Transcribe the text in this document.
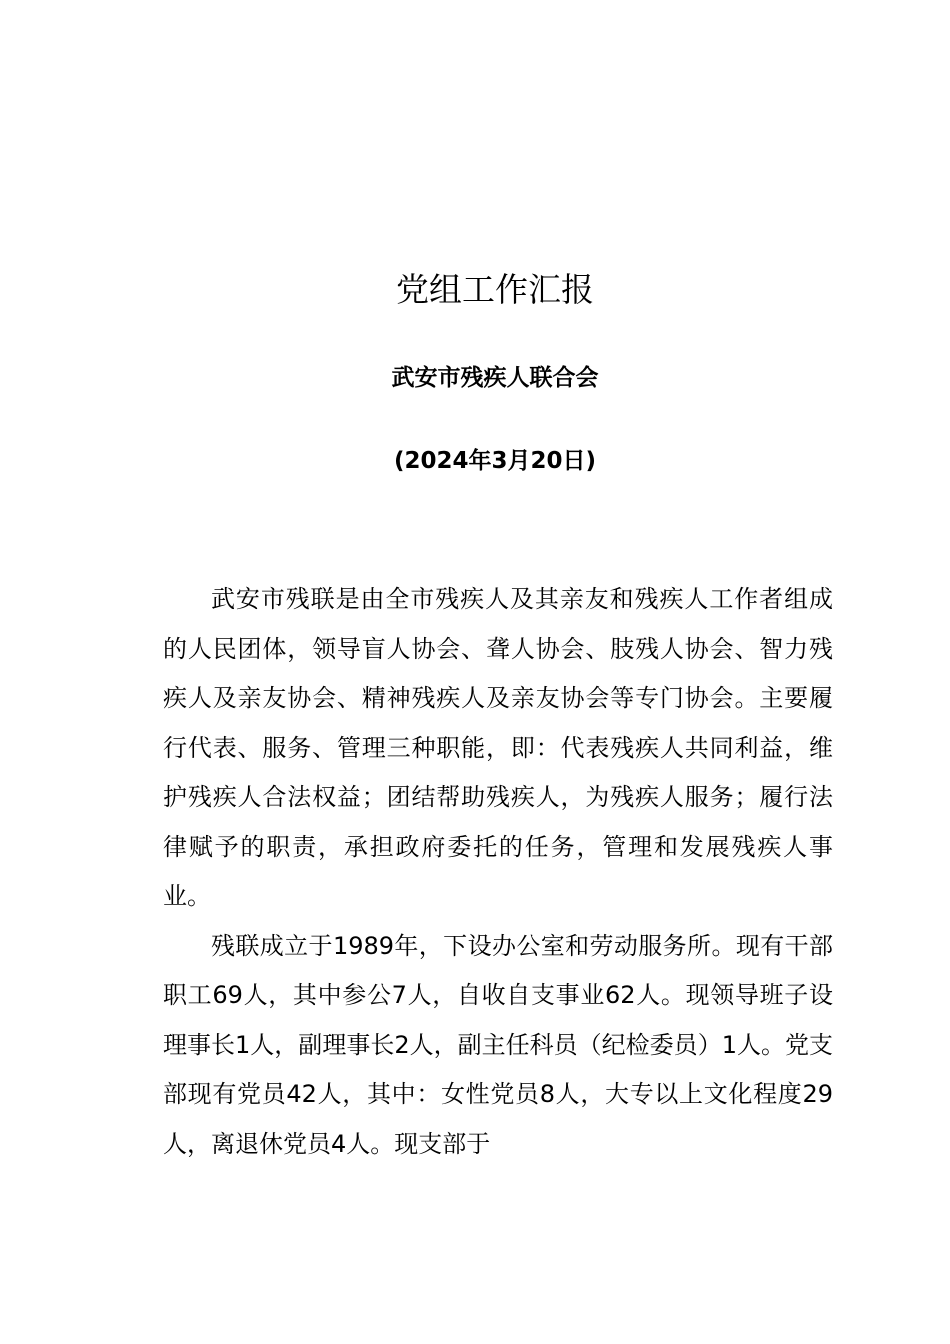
党组工作汇报
武安市残疾人联合会
(2024年3月20日)

武安市残联是由全市残疾人及其亲友和残疾人工作者组成的人民团体，领导盲人协会、聋人协会、肢残人协会、智力残疾人及亲友协会、精神残疾人及亲友协会等专门协会。主要履行代表、服务、管理三种职能，即：代表残疾人共同利益，维护残疾人合法权益；团结帮助残疾人，为残疾人服务；履行法律赋予的职责，承担政府委托的任务，管理和发展残疾人事业。

残联成立于1989年，下设办公室和劳动服务所。现有干部职工69人，其中参公7人，自收自支事业62人。现领导班子设理事长1人，副理事长2人，副主任科员（纪检委员）1人。党支部现有党员42人，其中：女性党员8人，大专以上文化程度29人，离退休党员4人。现支部于
